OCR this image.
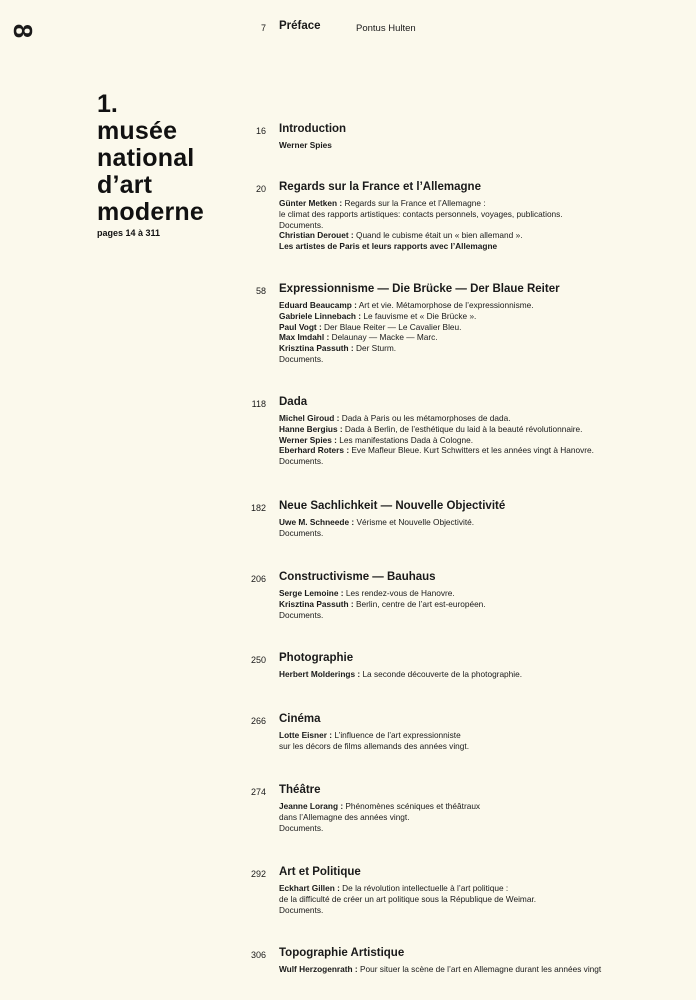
8
1.
musée
national
d’art
moderne
pages 14 à 311
7 Préface	Pontus Hulten
16 Introduction
Werner Spies
20 Regards sur la France et l’Allemagne
Günter Metken : Regards sur la France et l’Allemagne :
le climat des rapports artistiques: contacts personnels, voyages, publications.
Documents.
Christian Derouet : Quand le cubisme était un « bien allemand ».
Les artistes de Paris et leurs rapports avec l’Allemagne
58 Expressionnisme — Die Brücke — Der Blaue Reiter
Eduard Beaucamp : Art et vie. Métamorphose de l’expressionnisme.
Gabriele Linnebach : Le fauvisme et « Die Brücke ».
Paul Vogt : Der Blaue Reiter — Le Cavalier Bleu.
Max Imdahl : Delaunay — Macke — Marc.
Krisztina Passuth : Der Sturm.
Documents.
118 Dada
Michel Giroud : Dada à Paris ou les métamorphoses de dada.
Hanne Bergius : Dada à Berlin, de l’esthétique du laid à la beauté révolutionnaire.
Werner Spies : Les manifestations Dada à Cologne.
Eberhard Roters : Eve Mafleur Bleue. Kurt Schwitters et les années vingt à Hanovre.
Documents.
182 Neue Sachlichkeit — Nouvelle Objectivité
Uwe M. Schneede : Vérisme et Nouvelle Objectivité.
Documents.
206 Constructivisme — Bauhaus
Serge Lemoine : Les rendez-vous de Hanovre.
Krisztina Passuth : Berlin, centre de l’art est-européen.
Documents.
250 Photographie
Herbert Molderings : La seconde découverte de la photographie.
266 Cinéma
Lotte Eisner : L’influence de l’art expressionniste
sur les décors de films allemands des années vingt.
274 Théâtre
Jeanne Lorang : Phénomènes scéniques et théâtraux
dans l’Allemagne des années vingt.
Documents.
292 Art et Politique
Eckhart Gillen : De la révolution intellectuelle à l’art politique :
de la difficulté de créer un art politique sous la République de Weimar.
Documents.
306 Topographie Artistique
Wulf Herzogenrath : Pour situer la scène de l’art en Allemagne durant les années vingt
